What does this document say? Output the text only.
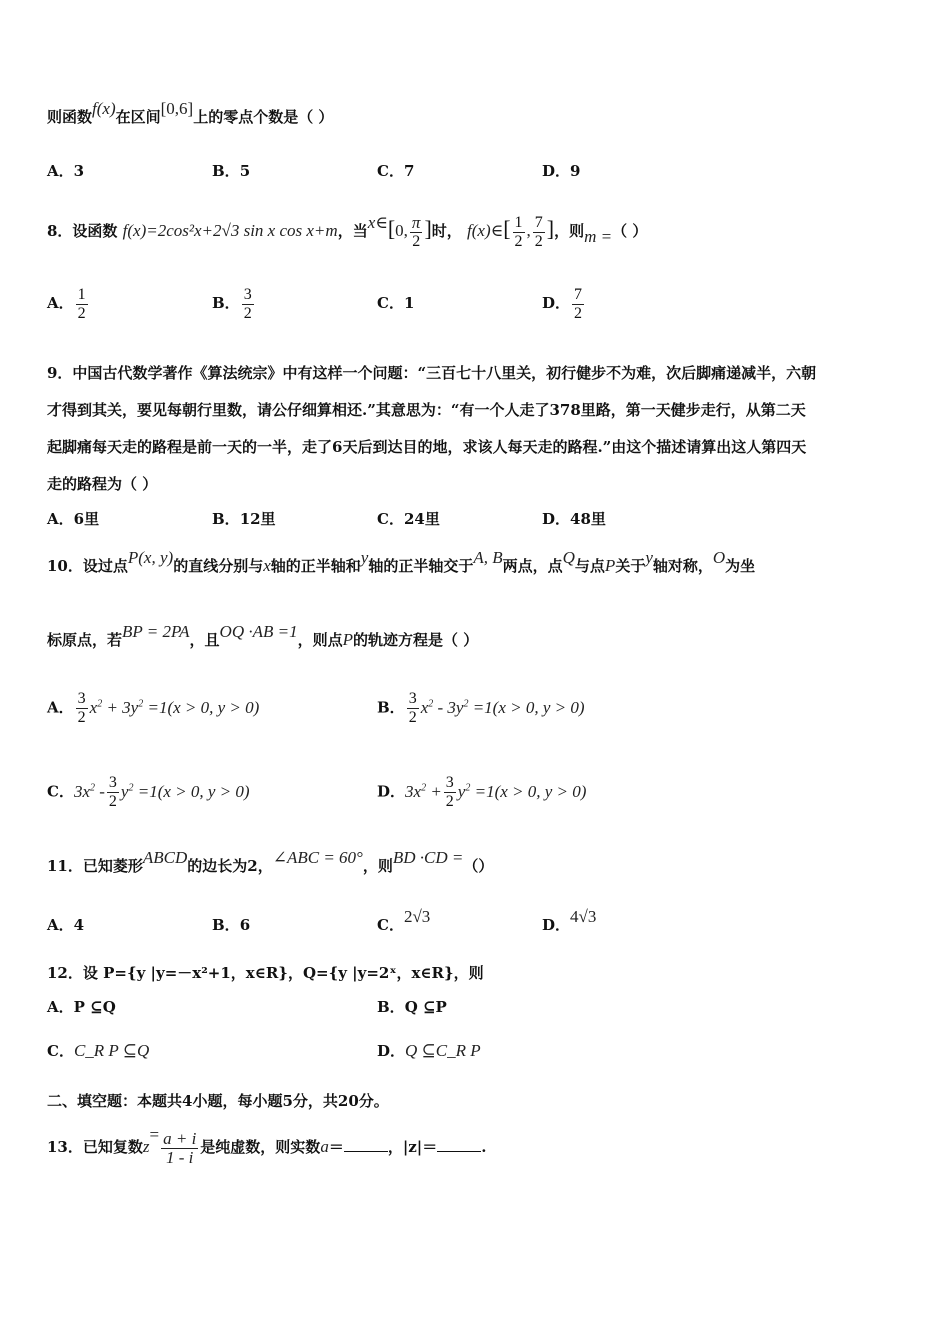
则函数f(x)在区间[0,6]上的零点个数是（ ）
A．3	B．5	C．7	D．9
8．设函数 f(x)=2cos²x+2√3 sin x cos x+m，当x∈[0, $\frac{\pi}{2}$ ]时， f(x)∈[ $\frac{1}{2}$ , $\frac{7}{2}$ ]，则m =（ ）
A． $\frac{1}{2}$	B． $\frac{3}{2}$	C．1	D． $\frac{7}{2}$
9．中国古代数学著作《算法统宗》中有这样一个问题：“三百七十八里关，初行健步不为难，次后脚痛递减半，六朝
才得到其关，要见每朝行里数，请公仔细算相还.”其意思为：“有一个人走了378里路，第一天健步走行，从第二天
起脚痛每天走的路程是前一天的一半，走了6天后到达目的地，求该人每天走的路程.”由这个描述请算出这人第四天
走的路程为（ ）
A．6里	B．12里	C．24里	D．48里
10．设过点P(x, y)的直线分别与x轴的正半轴和y轴的正半轴交于A, B两点，点Q与点P关于y轴对称，O为坐
标原点，若BP = 2PA，且OQ ·AB =1，则点P的轨迹方程是（ ）
A． $\frac{3}{2} x^2 + 3y^2 =1(x > 0$, y > 0)	B． $\frac{3}{2} x^2 - 3y^2 =1(x > 0$, y > 0)
C．$3x^2 - \frac{3}{2} y^2 =1(x > 0$, y > 0)	D．$3x^2 + \frac{3}{2} y^2 =1(x > 0$, y > 0)
11．已知菱形ABCD的边长为2，∠ABC = 60°，则BD ·CD =（）
A．4	B．6	C．2√3	D．4√3
12．设 P={y |y=－x²+1，x∈R}，Q={y |y=2ˣ，x∈R}，则
A．P ⊆Q	B．Q ⊆P
C．C_R P ⊆Q	D．Q ⊆C_R P
二、填空题：本题共4小题，每小题5分，共20分。
13．已知复数$z= \frac{a + i}{1 - i}$ 是纯虚数，则实数a＝	，|z|＝	.
